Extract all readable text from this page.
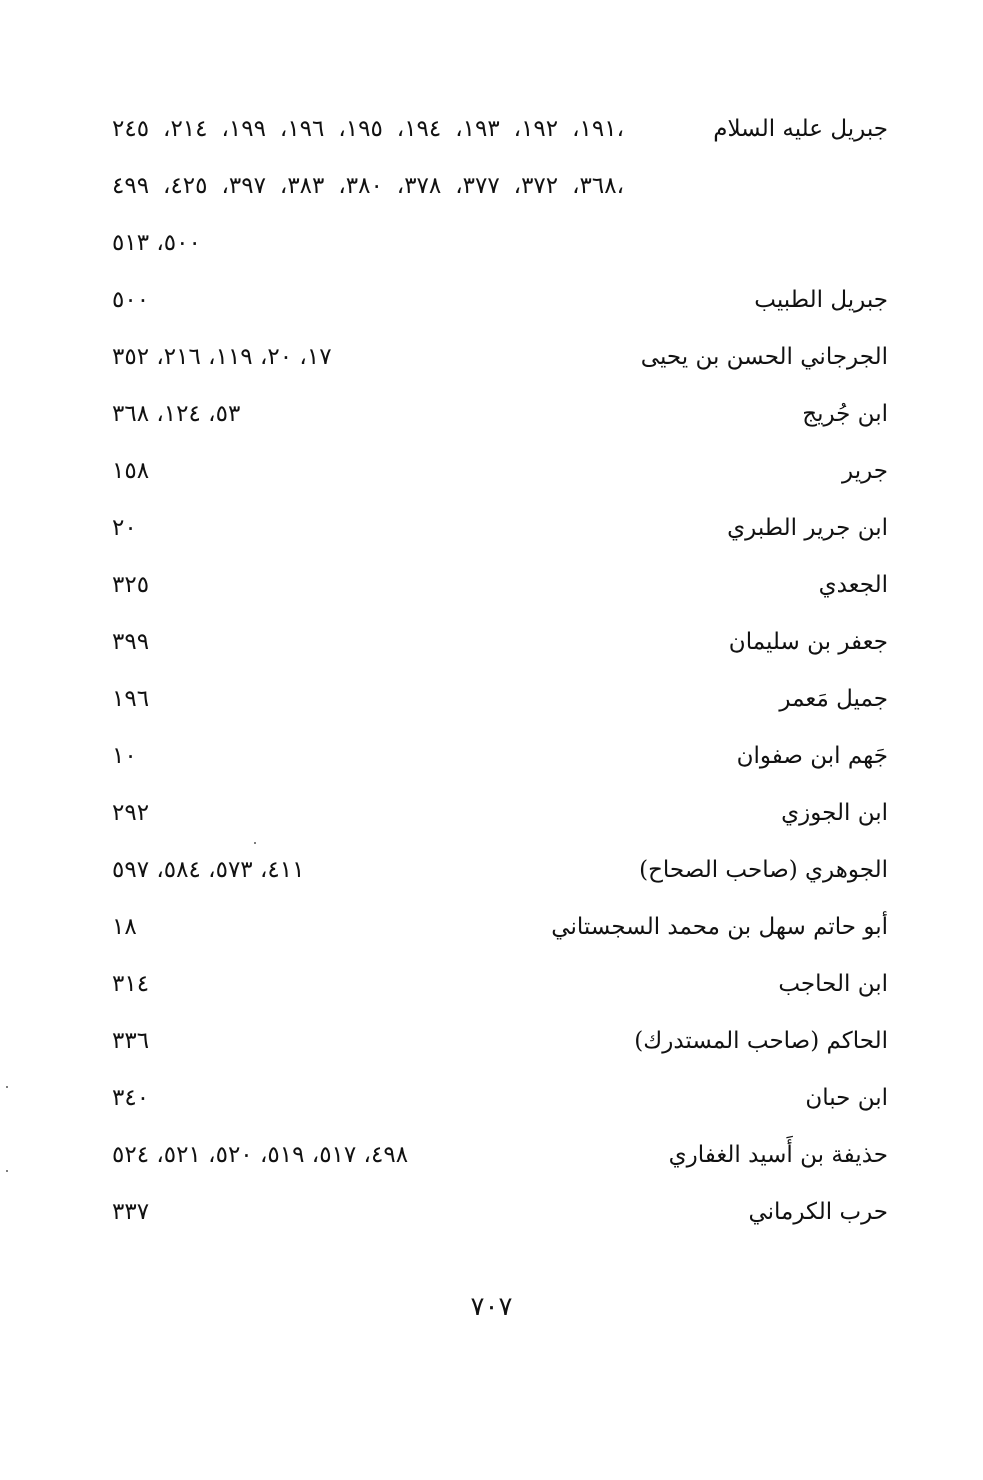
جبريل عليه السلام
١٩١، ١٩٢، ١٩٣، ١٩٤، ١٩٥، ١٩٦، ١٩٩، ٢١٤، ٢٤٥،
٣٦٨، ٣٧٢، ٣٧٧، ٣٧٨، ٣٨٠، ٣٨٣، ٣٩٧، ٤٢٥، ٤٩٩،
٥٠٠، ٥١٣
جبريل الطبيب
٥٠٠
الجرجاني الحسن بن يحيى
١٧، ٢٠، ١١٩، ٢١٦، ٣٥٢
ابن جُريج
٥٣، ١٢٤، ٣٦٨
جرير
١٥٨
ابن جرير الطبري
٢٠
الجعدي
٣٢٥
جعفر بن سليمان
٣٩٩
جميل مَعمر
١٩٦
جَهم ابن صفوان
١٠
ابن الجوزي
٢٩٢
الجوهري (صاحب الصحاح)
٤١١، ٥٧٣، ٥٨٤، ٥٩٧
أبو حاتم سهل بن محمد السجستاني
١٨
ابن الحاجب
٣١٤
الحاكم (صاحب المستدرك)
٣٣٦
ابن حبان
٣٤٠
حذيفة بن أَسيد الغفاري
٤٩٨، ٥١٧، ٥١٩، ٥٢٠، ٥٢١، ٥٢٤
حرب الكرماني
٣٣٧
٧٠٧
